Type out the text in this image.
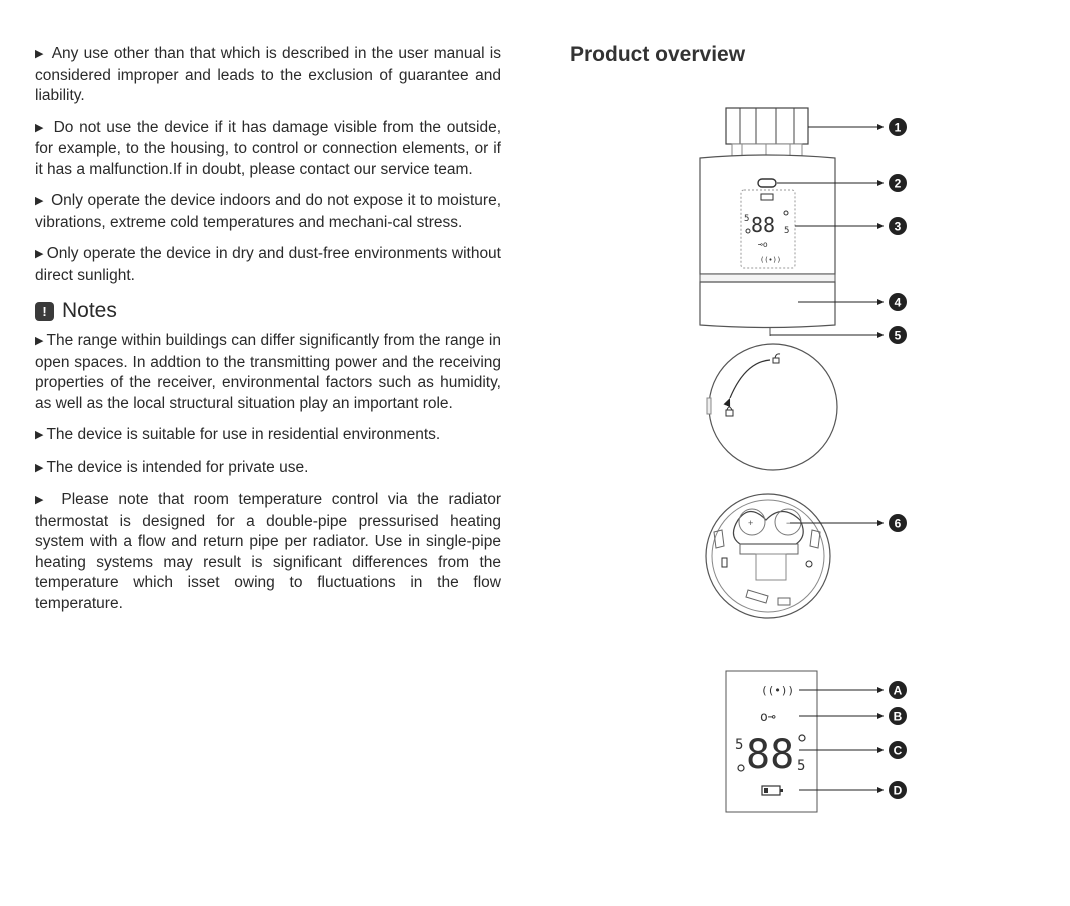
▶ Any use other than that which is described in the user manual is considered improper and leads to the exclusion of guarantee and liability.

▶ Do not use the device if it has damage visible from the outside, for example, to the housing, to control or connection elements, or if it has a malfunction.If in doubt, please contact our service team.

▶ Only operate the device indoors and do not expose it to moisture, vibrations, extreme cold temperatures and mechani-cal stress.

▶ Only operate the device in dry and dust-free environments without direct sunlight.

! Notes

▶ The range within buildings can differ significantly from the range in open spaces. In addtion to the transmitting power and the receiving properties of the receiver, environmental factors such as humidity, as well as the local structural situation play an important role.

▶ The device is suitable for use in residential environments.

▶ The device is intended for private use.

▶ Please note that room temperature control via the radiator thermostat is designed for a double-pipe pressurised heating system with a flow and return pipe per radiator. Use in single-pipe heating systems may result is significant differences from the temperature which isset owing to fluctuations in the flow temperature.

Product overview
88
5
5
⊸o
((•))
+	−
((•))
o⊸
88
5
5
1
2
3
4
5
6
A
B
C
D
